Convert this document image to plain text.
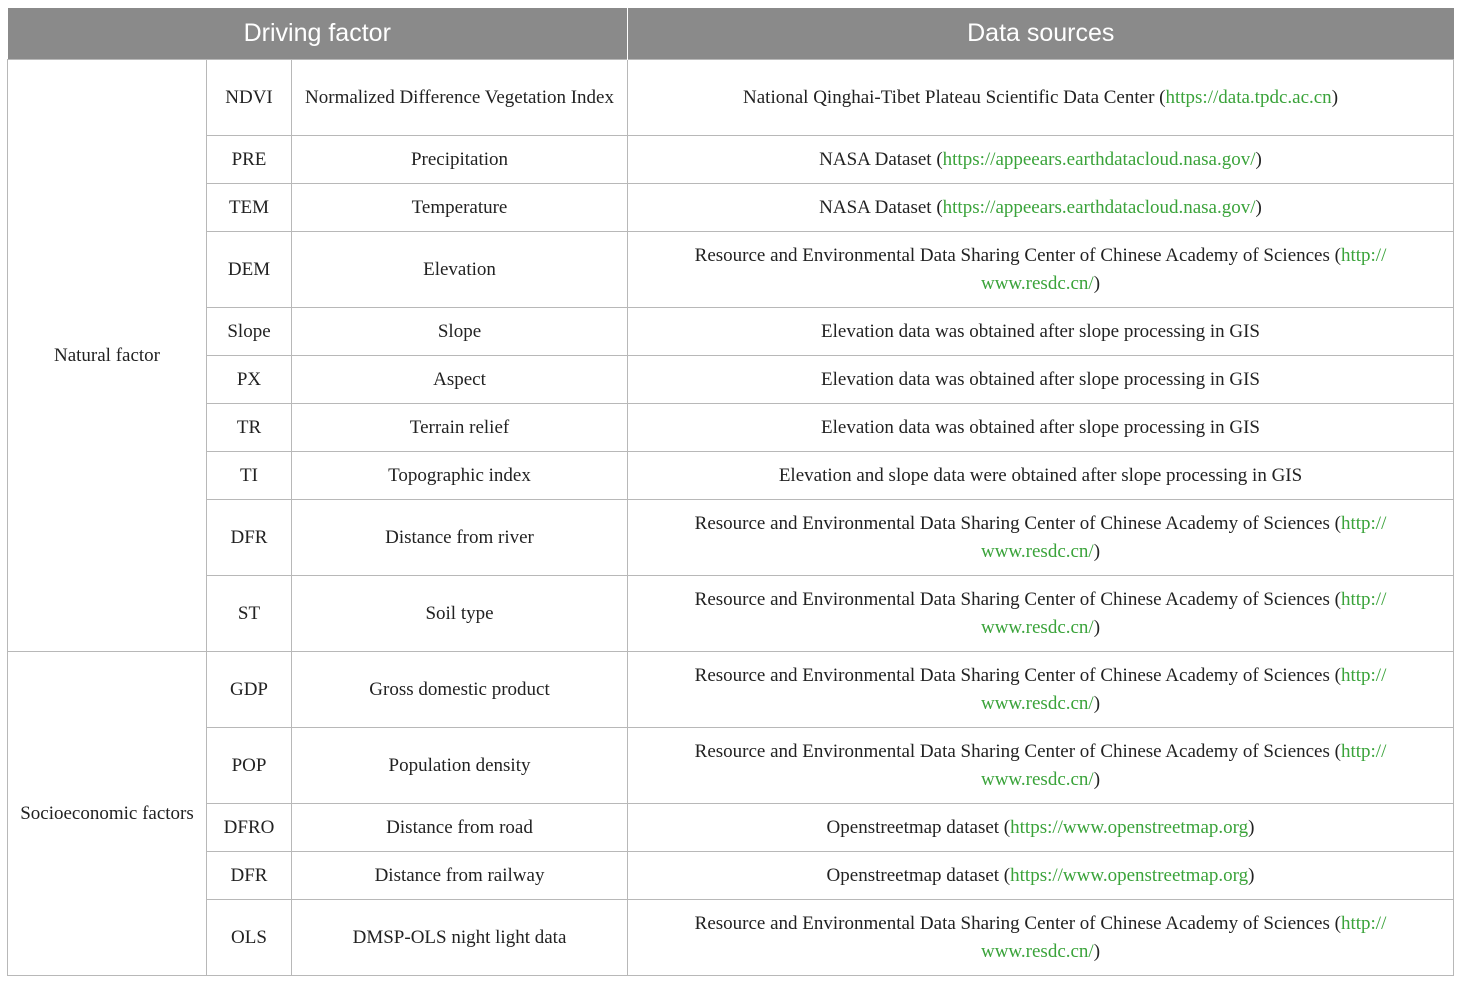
Driving factor			Data sources
Natural factor	NDVI	Normalized Difference Vegetation Index	National Qinghai-Tibet Plateau Scientific Data Center (https://data.tpdc.ac.cn)
	PRE	Precipitation	NASA Dataset (https://appeears.earthdatacloud.nasa.gov/)
	TEM	Temperature	NASA Dataset (https://appeears.earthdatacloud.nasa.gov/)
	DEM	Elevation	Resource and Environmental Data Sharing Center of Chinese Academy of Sciences (http://
www.resdc.cn/)
	Slope	Slope	Elevation data was obtained after slope processing in GIS
	PX	Aspect	Elevation data was obtained after slope processing in GIS
	TR	Terrain relief	Elevation data was obtained after slope processing in GIS
	TI	Topographic index	Elevation and slope data were obtained after slope processing in GIS
	DFR	Distance from river	Resource and Environmental Data Sharing Center of Chinese Academy of Sciences (http://
www.resdc.cn/)
	ST	Soil type	Resource and Environmental Data Sharing Center of Chinese Academy of Sciences (http://
www.resdc.cn/)
Socioeconomic factors	GDP	Gross domestic product	Resource and Environmental Data Sharing Center of Chinese Academy of Sciences (http://
www.resdc.cn/)
	POP	Population density	Resource and Environmental Data Sharing Center of Chinese Academy of Sciences (http://
www.resdc.cn/)
	DFRO	Distance from road	Openstreetmap dataset (https://www.openstreetmap.org)
	DFR	Distance from railway	Openstreetmap dataset (https://www.openstreetmap.org)
	OLS	DMSP-OLS night light data	Resource and Environmental Data Sharing Center of Chinese Academy of Sciences (http://
www.resdc.cn/)
